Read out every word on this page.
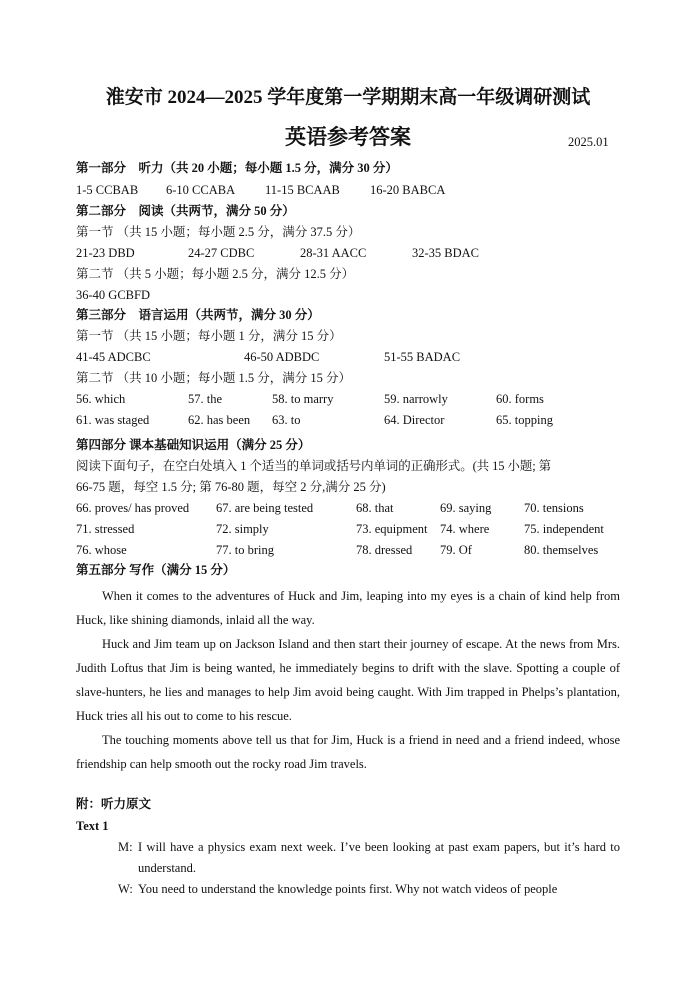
淮安市 2024—2025 学年度第一学期期末高一年级调研测试
英语参考答案	2025.01
第一部分　听力（共 20 小题；每小题 1.5 分，满分 30 分）
1-5 CCBAB 6-10 CCABA 11-15 BCAAB 16-20 BABCA
第二部分　阅读（共两节，满分 50 分）
第一节 （共 15 小题；每小题 2.5 分，满分 37.5 分）
21-23 DBD	24-27 CDBC	28-31 AACC	32-35 BDAC
第二节 （共 5 小题；每小题 2.5 分，满分 12.5 分）
36-40 GCBFD
第三部分　语言运用（共两节，满分 30 分）
第一节 （共 15 小题；每小题 1 分，满分 15 分）
41-45 ADCBC	46-50 ADBDC	51-55 BADAC
第二节 （共 10 小题；每小题 1.5 分，满分 15 分）
56. which	57. the	58. to marry	59. narrowly	60. forms
61. was staged	62. has been 63. to	64. Director	65. topping
第四部分 课本基础知识运用（满分 25 分）
阅读下面句子，在空白处填入 1 个适当的单词或括号内单词的正确形式。(共 15 小题; 第
66-75 题，每空 1.5 分; 第 76-80 题，每空 2 分,满分 25 分)
66. proves/ has proved 67. are being tested	68. that	69. saying	70. tensions
71. stressed	72. simply	73. equipment 74. where	75. independent
76. whose	77. to bring	78. dressed 79. Of	80. themselves
第五部分 写作（满分 15 分）
When it comes to the adventures of Huck and Jim, leaping into my eyes is a chain of kind help from Huck, like shining diamonds, inlaid all the way.
Huck and Jim team up on Jackson Island and then start their journey of escape. At the news from Mrs. Judith Loftus that Jim is being wanted, he immediately begins to drift with the slave. Spotting a couple of slave-hunters, he lies and manages to help Jim avoid being caught. With Jim trapped in Phelps’s plantation, Huck tries all his out to come to his rescue.
The touching moments above tell us that for Jim, Huck is a friend in need and a friend indeed, whose friendship can help smooth out the rocky road Jim travels.
附：听力原文
Text 1
M: I will have a physics exam next week. I’ve been looking at past exam papers, but it’s hard to understand.
W: You need to understand the knowledge points first. Why not watch videos of people
